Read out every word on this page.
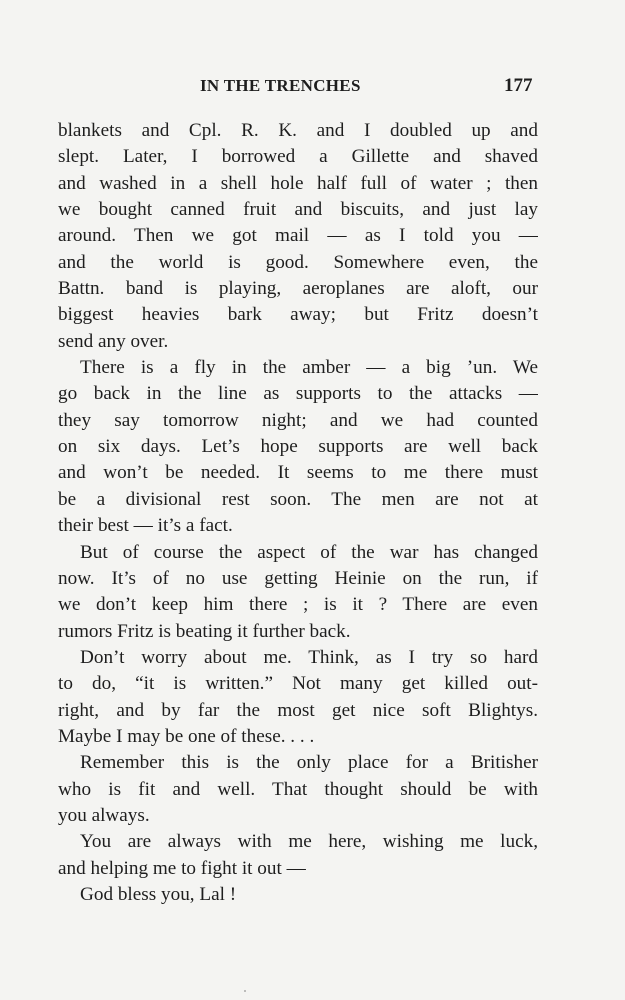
IN THE TRENCHES	177
blankets and Cpl. R. K. and I doubled up and
slept. Later, I borrowed a Gillette and shaved
and washed in a shell hole half full of water ; then
we bought canned fruit and biscuits, and just lay
around. Then we got mail — as I told you —
and the world is good. Somewhere even, the
Battn. band is playing, aeroplanes are aloft, our
biggest heavies bark away; but Fritz doesn’t
send any over.
There is a fly in the amber — a big ’un. We
go back in the line as supports to the attacks —
they say tomorrow night; and we had counted
on six days. Let’s hope supports are well back
and won’t be needed. It seems to me there must
be a divisional rest soon. The men are not at
their best — it’s a fact.
But of course the aspect of the war has changed
now. It’s of no use getting Heinie on the run, if
we don’t keep him there ; is it ? There are even
rumors Fritz is beating it further back.
Don’t worry about me. Think, as I try so hard
to do, “it is written.” Not many get killed out-
right, and by far the most get nice soft Blightys.
Maybe I may be one of these. . . .
Remember this is the only place for a Britisher
who is fit and well. That thought should be with
you always.
You are always with me here, wishing me luck,
and helping me to fight it out —
God bless you, Lal !
